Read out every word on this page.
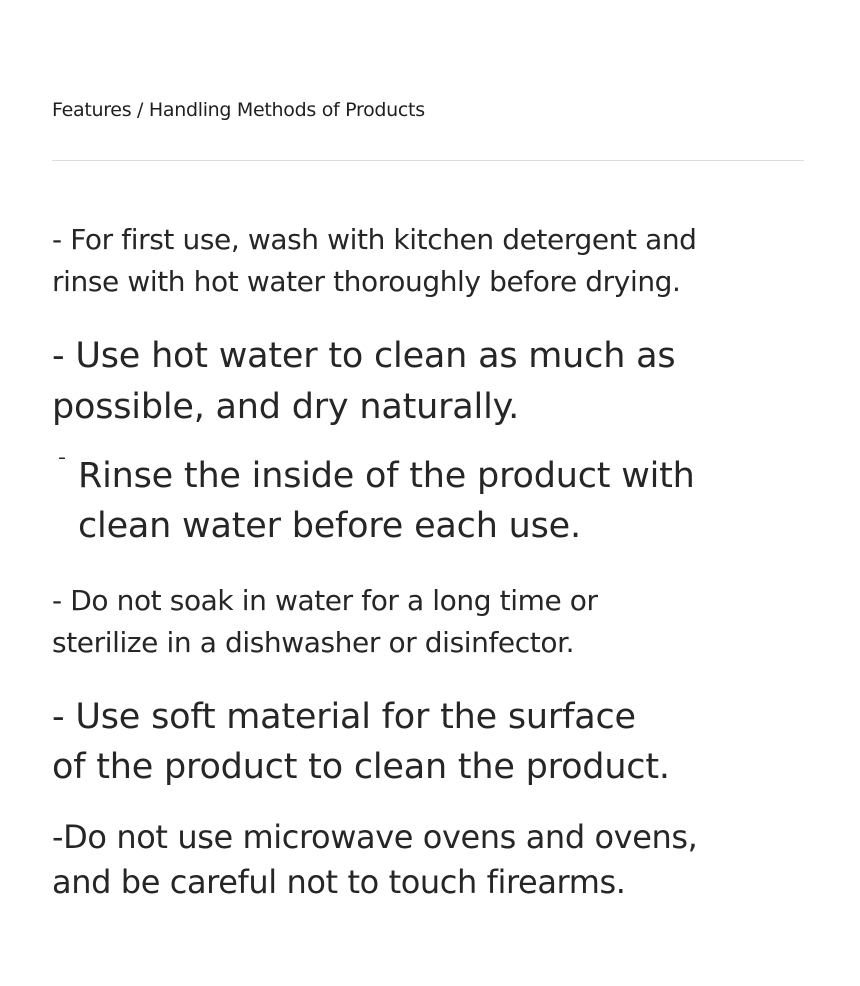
Features / Handling Methods of Products

- For first use, wash with kitchen detergent and
rinse with hot water thoroughly before drying.

- Use hot water to clean as much as
possible, and dry naturally.

¯ Rinse the inside of the product with
clean water before each use.

- Do not soak in water for a long time or
sterilize in a dishwasher or disinfector.

- Use soft material for the surface
of the product to clean the product.

-Do not use microwave ovens and ovens,
and be careful not to touch firearms.
